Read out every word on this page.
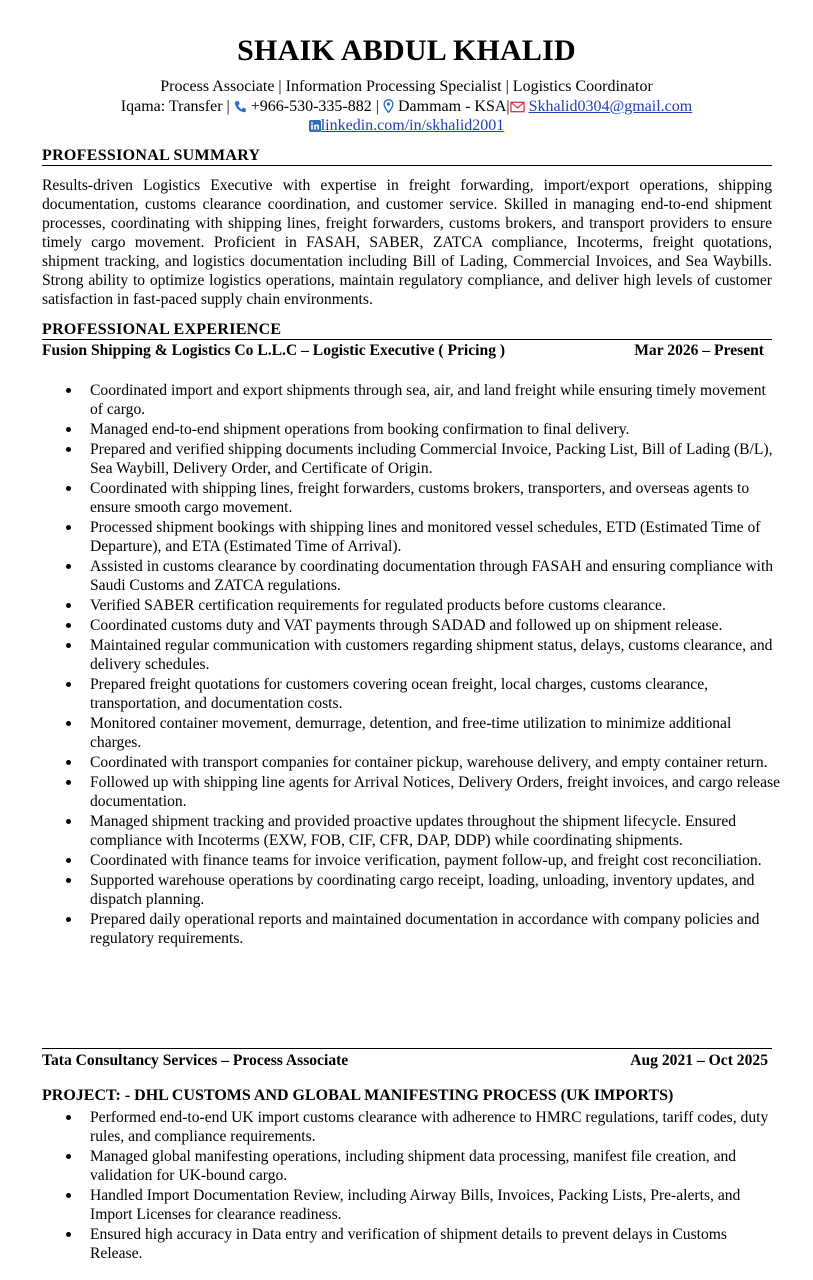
SHAIK ABDUL KHALID
Process Associate | Information Processing Specialist | Logistics Coordinator
Iqama: Transfer | +966-530-335-882 | Dammam - KSA| Skhalid0304@gmail.com
linkedin.com/in/skhalid2001
PROFESSIONAL SUMMARY
Results-driven Logistics Executive with expertise in freight forwarding, import/export operations, shipping documentation, customs clearance coordination, and customer service. Skilled in managing end-to-end shipment processes, coordinating with shipping lines, freight forwarders, customs brokers, and transport providers to ensure timely cargo movement. Proficient in FASAH, SABER, ZATCA compliance, Incoterms, freight quotations, shipment tracking, and logistics documentation including Bill of Lading, Commercial Invoices, and Sea Waybills. Strong ability to optimize logistics operations, maintain regulatory compliance, and deliver high levels of customer satisfaction in fast-paced supply chain environments.
PROFESSIONAL EXPERIENCE
Fusion Shipping & Logistics Co L.L.C – Logistic Executive ( Pricing )	Mar 2026 – Present
Coordinated import and export shipments through sea, air, and land freight while ensuring timely movement of cargo.
Managed end-to-end shipment operations from booking confirmation to final delivery.
Prepared and verified shipping documents including Commercial Invoice, Packing List, Bill of Lading (B/L), Sea Waybill, Delivery Order, and Certificate of Origin.
Coordinated with shipping lines, freight forwarders, customs brokers, transporters, and overseas agents to ensure smooth cargo movement.
Processed shipment bookings with shipping lines and monitored vessel schedules, ETD (Estimated Time of Departure), and ETA (Estimated Time of Arrival).
Assisted in customs clearance by coordinating documentation through FASAH and ensuring compliance with Saudi Customs and ZATCA regulations.
Verified SABER certification requirements for regulated products before customs clearance.
Coordinated customs duty and VAT payments through SADAD and followed up on shipment release.
Maintained regular communication with customers regarding shipment status, delays, customs clearance, and delivery schedules.
Prepared freight quotations for customers covering ocean freight, local charges, customs clearance, transportation, and documentation costs.
Monitored container movement, demurrage, detention, and free-time utilization to minimize additional charges.
Coordinated with transport companies for container pickup, warehouse delivery, and empty container return.
Followed up with shipping line agents for Arrival Notices, Delivery Orders, freight invoices, and cargo release documentation.
Managed shipment tracking and provided proactive updates throughout the shipment lifecycle. Ensured compliance with Incoterms (EXW, FOB, CIF, CFR, DAP, DDP) while coordinating shipments.
Coordinated with finance teams for invoice verification, payment follow-up, and freight cost reconciliation.
Supported warehouse operations by coordinating cargo receipt, loading, unloading, inventory updates, and dispatch planning.
Prepared daily operational reports and maintained documentation in accordance with company policies and regulatory requirements.
Tata Consultancy Services – Process Associate	Aug 2021 – Oct 2025
PROJECT: - DHL CUSTOMS AND GLOBAL MANIFESTING PROCESS (UK IMPORTS)
Performed end-to-end UK import customs clearance with adherence to HMRC regulations, tariff codes, duty rules, and compliance requirements.
Managed global manifesting operations, including shipment data processing, manifest file creation, and validation for UK-bound cargo.
Handled Import Documentation Review, including Airway Bills, Invoices, Packing Lists, Pre-alerts, and Import Licenses for clearance readiness.
Ensured high accuracy in Data entry and verification of shipment details to prevent delays in Customs Release.
